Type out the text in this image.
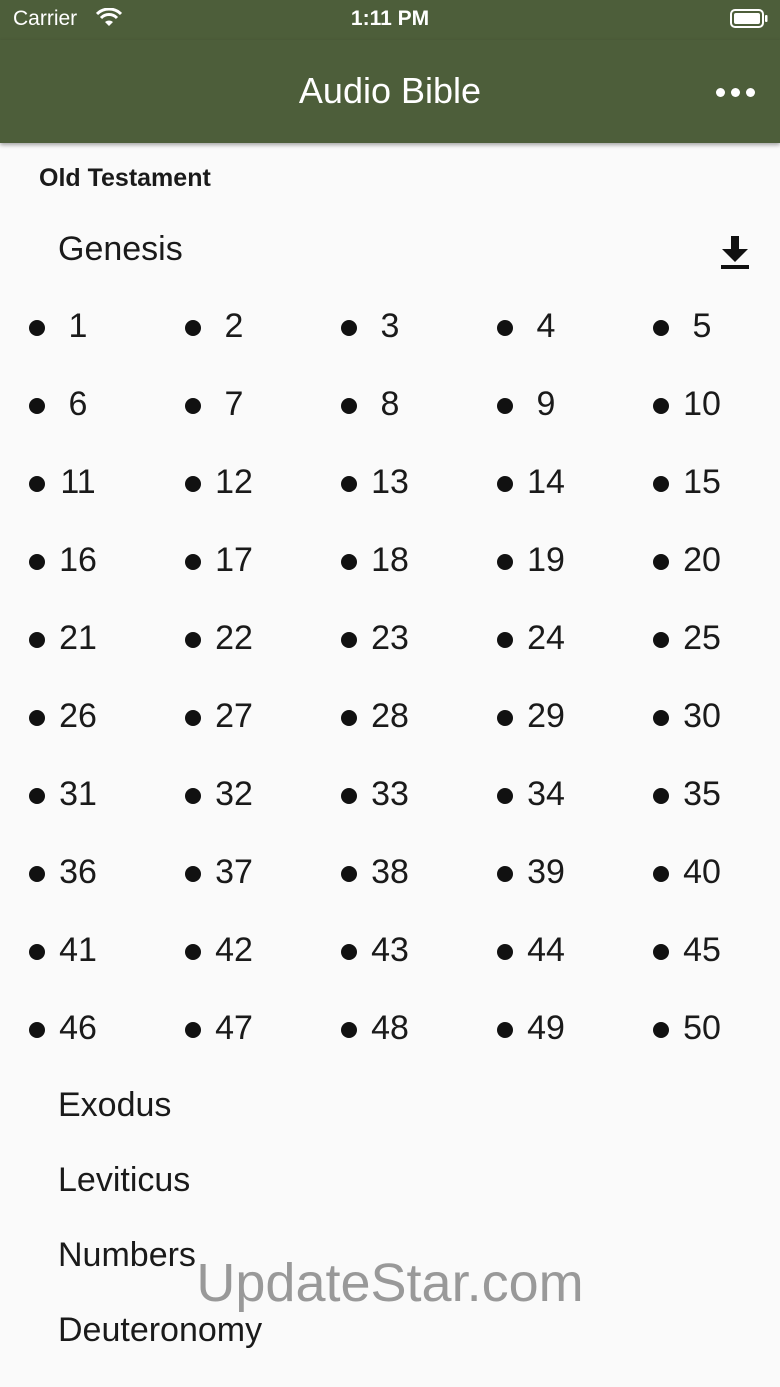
Carrier	1:11 PM
Audio Bible
Old Testament
Genesis
1	2	3	4	5
6	7	8	9	10
11	12	13	14	15
16	17	18	19	20
21	22	23	24	25
26	27	28	29	30
31	32	33	34	35
36	37	38	39	40
41	42	43	44	45
46	47	48	49	50
Exodus
Leviticus
Numbers
Deuteronomy
UpdateStar.com
